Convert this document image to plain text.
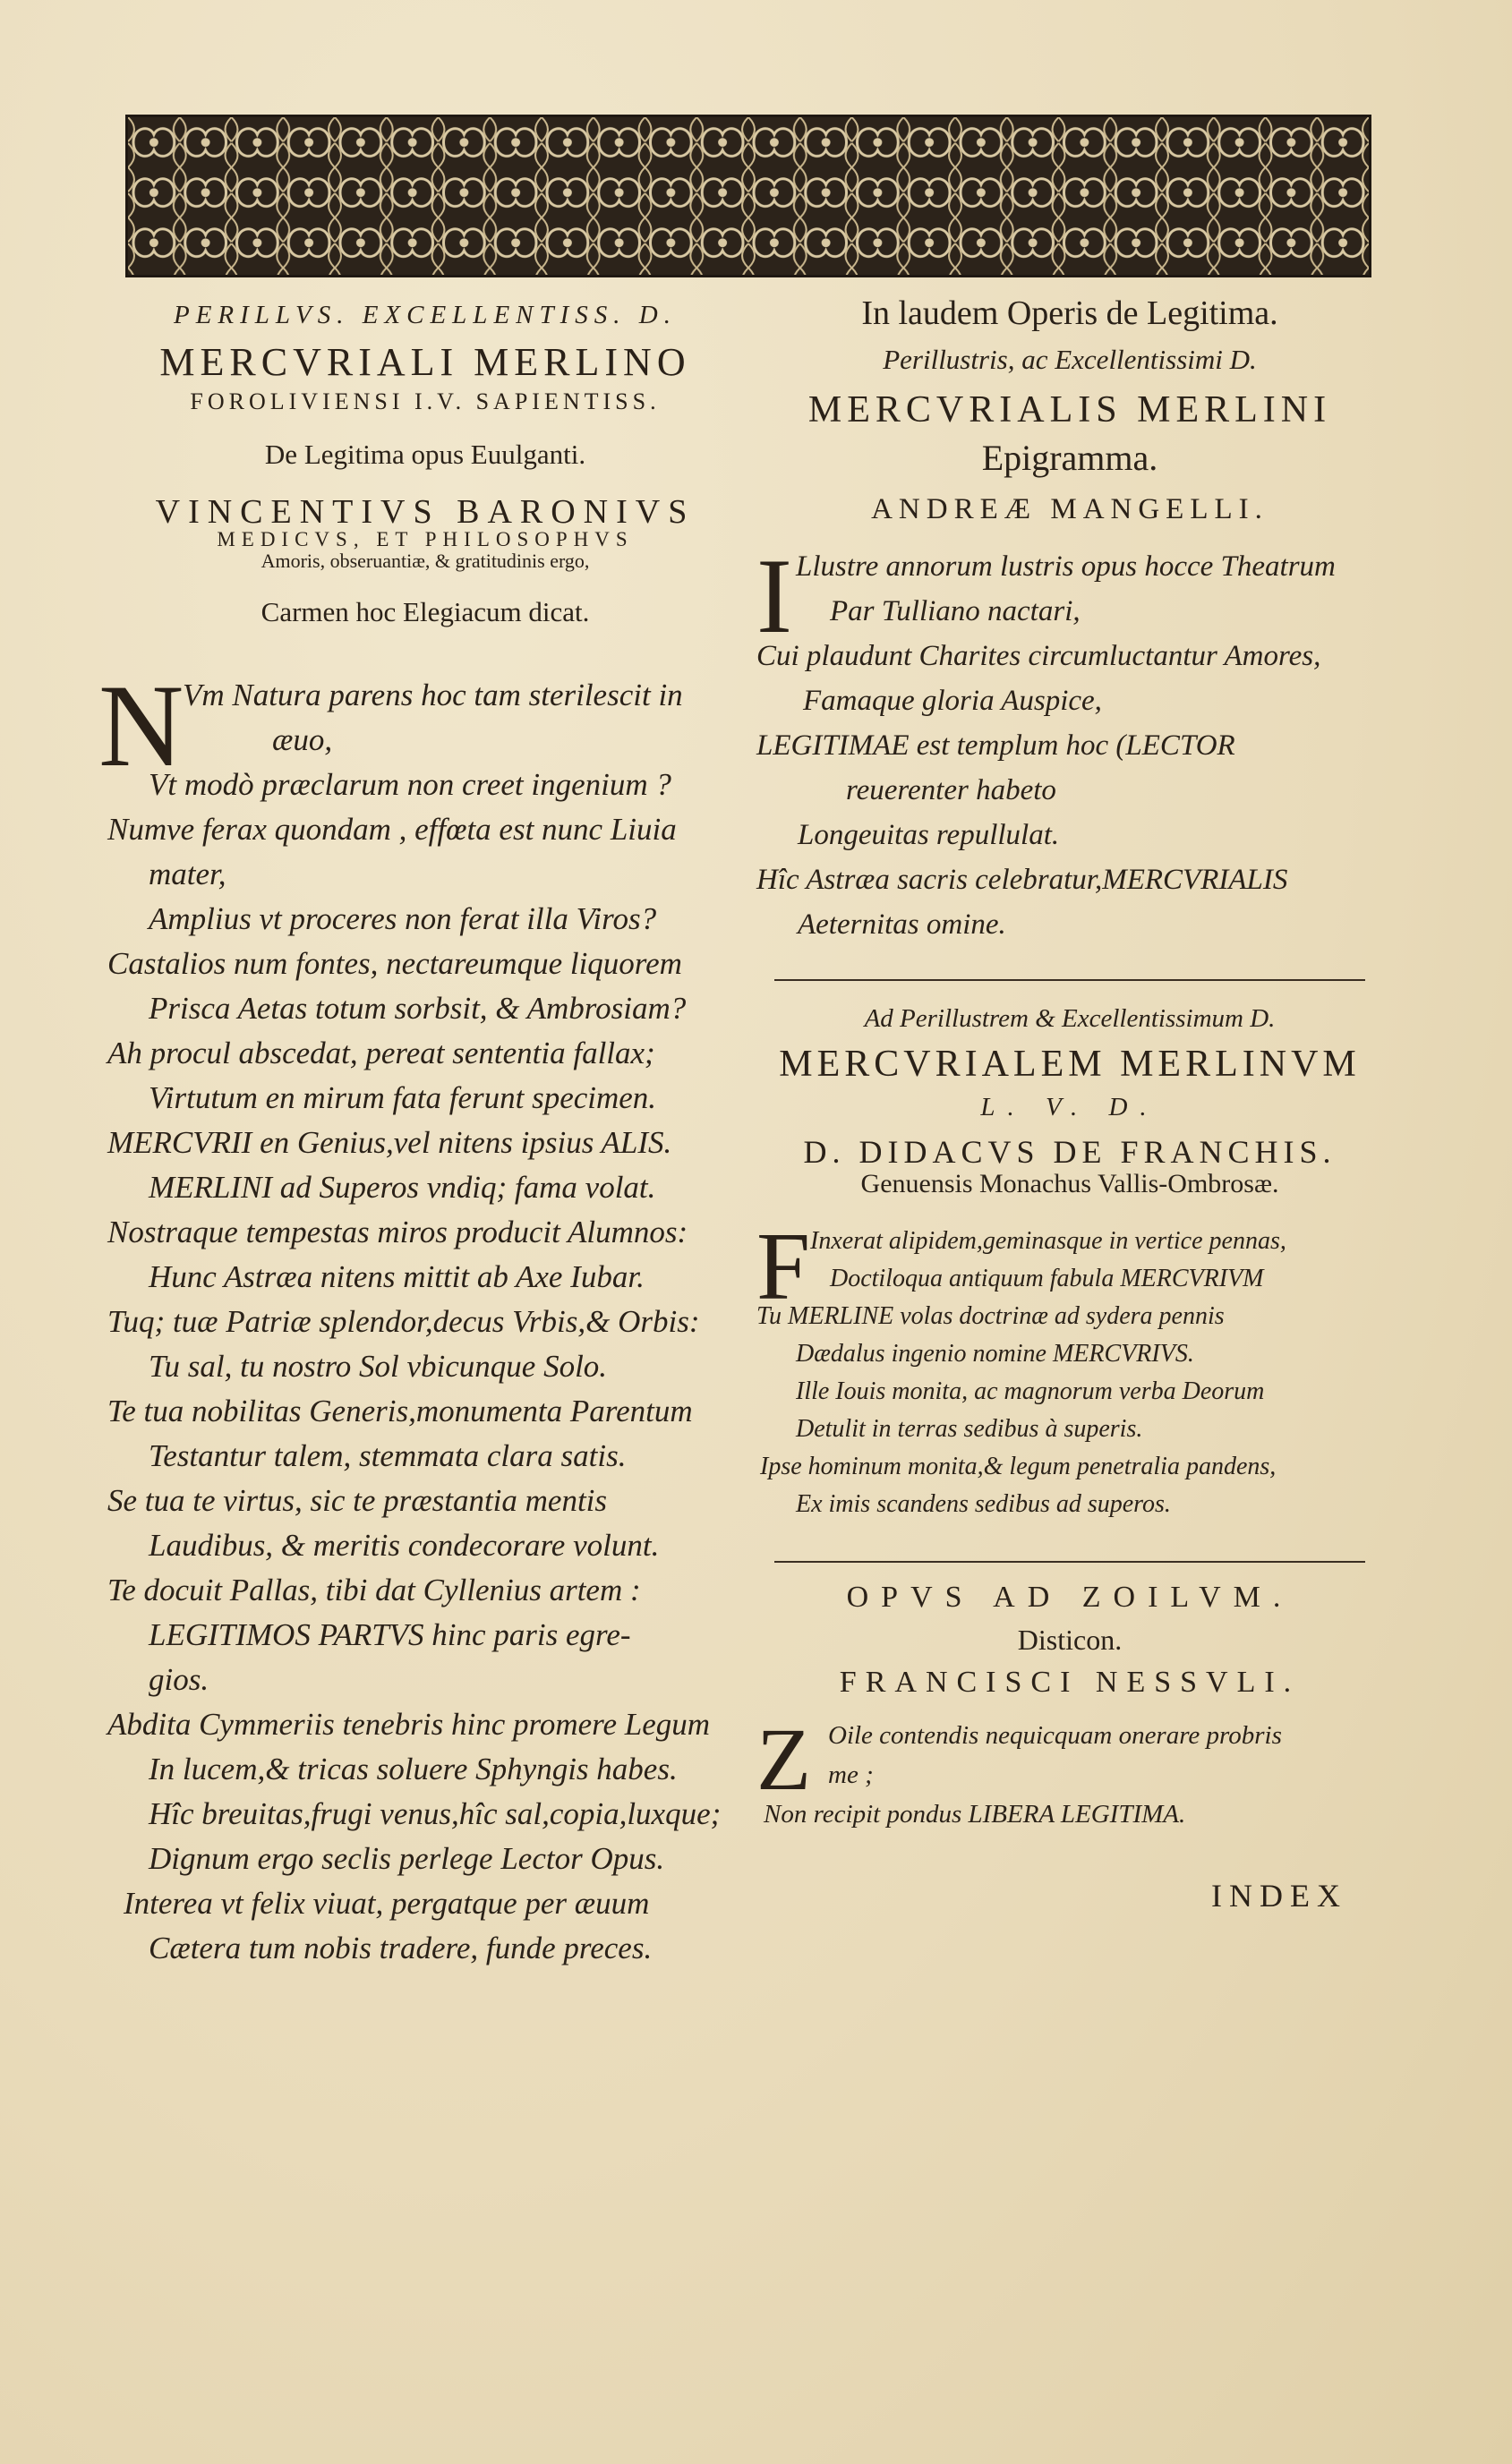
PERILLVS. EXCELLENTISS. D.
MERCVRIALI MERLINO
FOROLIVIENSI I.V. SAPIENTISS.
De Legitima opus Euulganti.
VINCENTIVS BARONIVS
MEDICVS, ET PHILOSOPHVS
Amoris, obseruantiæ, & gratitudinis ergo,
Carmen hoc Elegiacum dicat.
N
Vm Natura parens hoc tam sterilescit in
æuo,
Vt modò præclarum non creet ingenium ?
Numve ferax quondam , effœta est nunc Liuia
mater,
Amplius vt proceres non ferat illa Viros?
Castalios num fontes, nectareumque liquorem
Prisca Aetas totum sorbsit, & Ambrosiam?
Ah procul abscedat, pereat sententia fallax;
Virtutum en mirum fata ferunt specimen.
MERCVRII en Genius,vel nitens ipsius ALIS.
MERLINI ad Superos vndiq; fama volat.
Nostraque tempestas miros producit Alumnos:
Hunc Astræa nitens mittit ab Axe Iubar.
Tuq; tuæ Patriæ splendor,decus Vrbis,& Orbis:
Tu sal, tu nostro Sol vbicunque Solo.
Te tua nobilitas Generis,monumenta Parentum
Testantur talem, stemmata clara satis.
Se tua te virtus, sic te præstantia mentis
Laudibus, & meritis condecorare volunt.
Te docuit Pallas, tibi dat Cyllenius artem :
LEGITIMOS PARTVS hinc paris egre-
gios.
Abdita Cymmeriis tenebris hinc promere Legum
In lucem,& tricas soluere Sphyngis habes.
Hîc breuitas,frugi venus,hîc sal,copia,luxque;
Dignum ergo seclis perlege Lector Opus.
Interea vt felix viuat, pergatque per æuum
Cætera tum nobis tradere, funde preces.
In laudem Operis de Legitima.
Perillustris, ac Excellentissimi D.
MERCVRIALIS MERLINI
Epigramma.
ANDREÆ MANGELLI.
I Llustre annorum lustris opus hocce Theatrum
Par Tulliano nactari,
Cui plaudunt Charites circumluctantur Amores,
Famaque gloria Auspice,
LEGITIMAE est templum hoc (LECTOR
reuerenter habeto
Longeuitas repullulat.
Hîc Astræa sacris celebratur,MERCVRIALIS
Aeternitas omine.
Ad Perillustrem & Excellentissimum D.
MERCVRIALEM MERLINVM
L. V. D.
D. DIDACVS DE FRANCHIS.
Genuensis Monachus Vallis-Ombrosæ.
F Inxerat alipidem,geminasque in vertice pennas,
Doctiloqua antiquum fabula MERCVRIVM
Tu MERLINE volas doctrinæ ad sydera pennis
Dædalus ingenio nomine MERCVRIVS.
Ille Iouis monita, ac magnorum verba Deorum
Detulit in terras sedibus à superis.
Ipse hominum monita,& legum penetralia pandens,
Ex imis scandens sedibus ad superos.
OPVS AD ZOILVM.
Disticon.
FRANCISCI NESSVLI.
Z Oile contendis nequicquam onerare probris
me ;
Non recipit pondus LIBERA LEGITIMA.
INDEX
